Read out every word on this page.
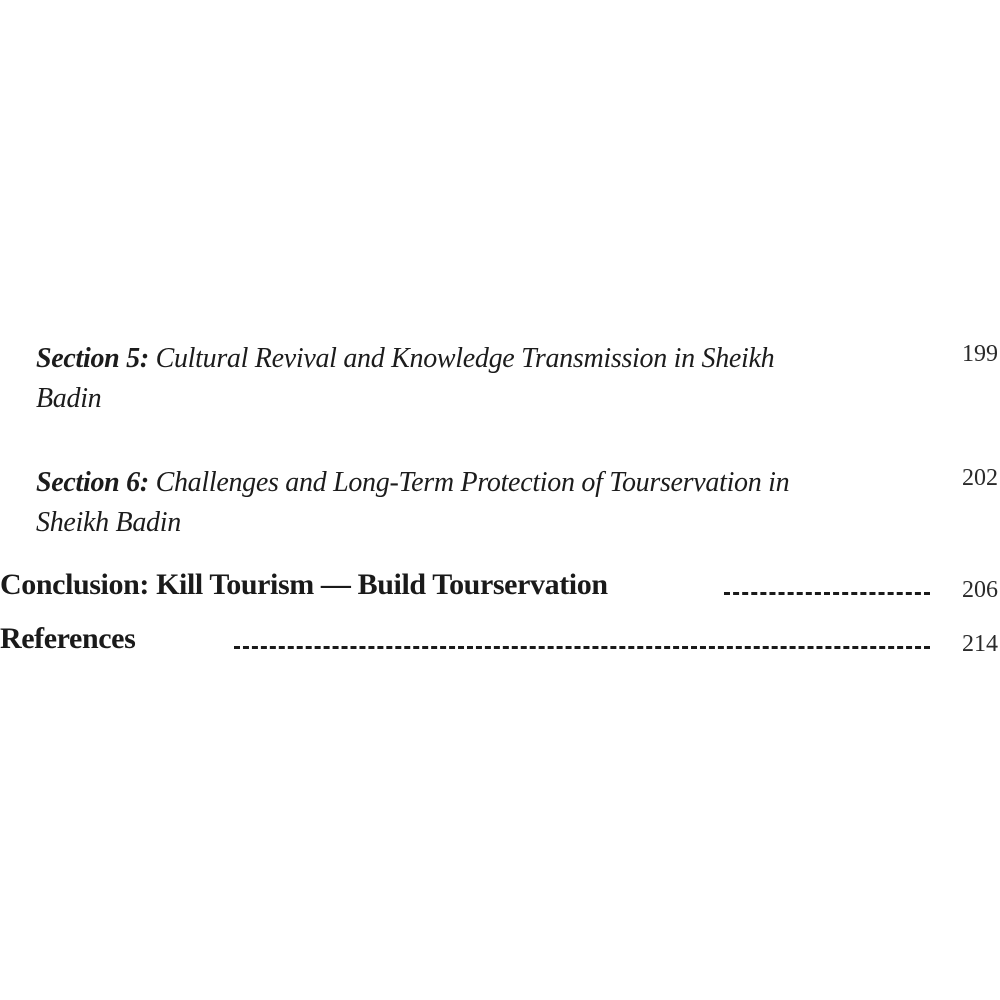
Section 5: Cultural Revival and Knowledge Transmission in Sheikh Badin
199
Section 6: Challenges and Long-Term Protection of Tourservation in Sheikh Badin
202
Conclusion: Kill Tourism — Build Tourservation	206
References	214
